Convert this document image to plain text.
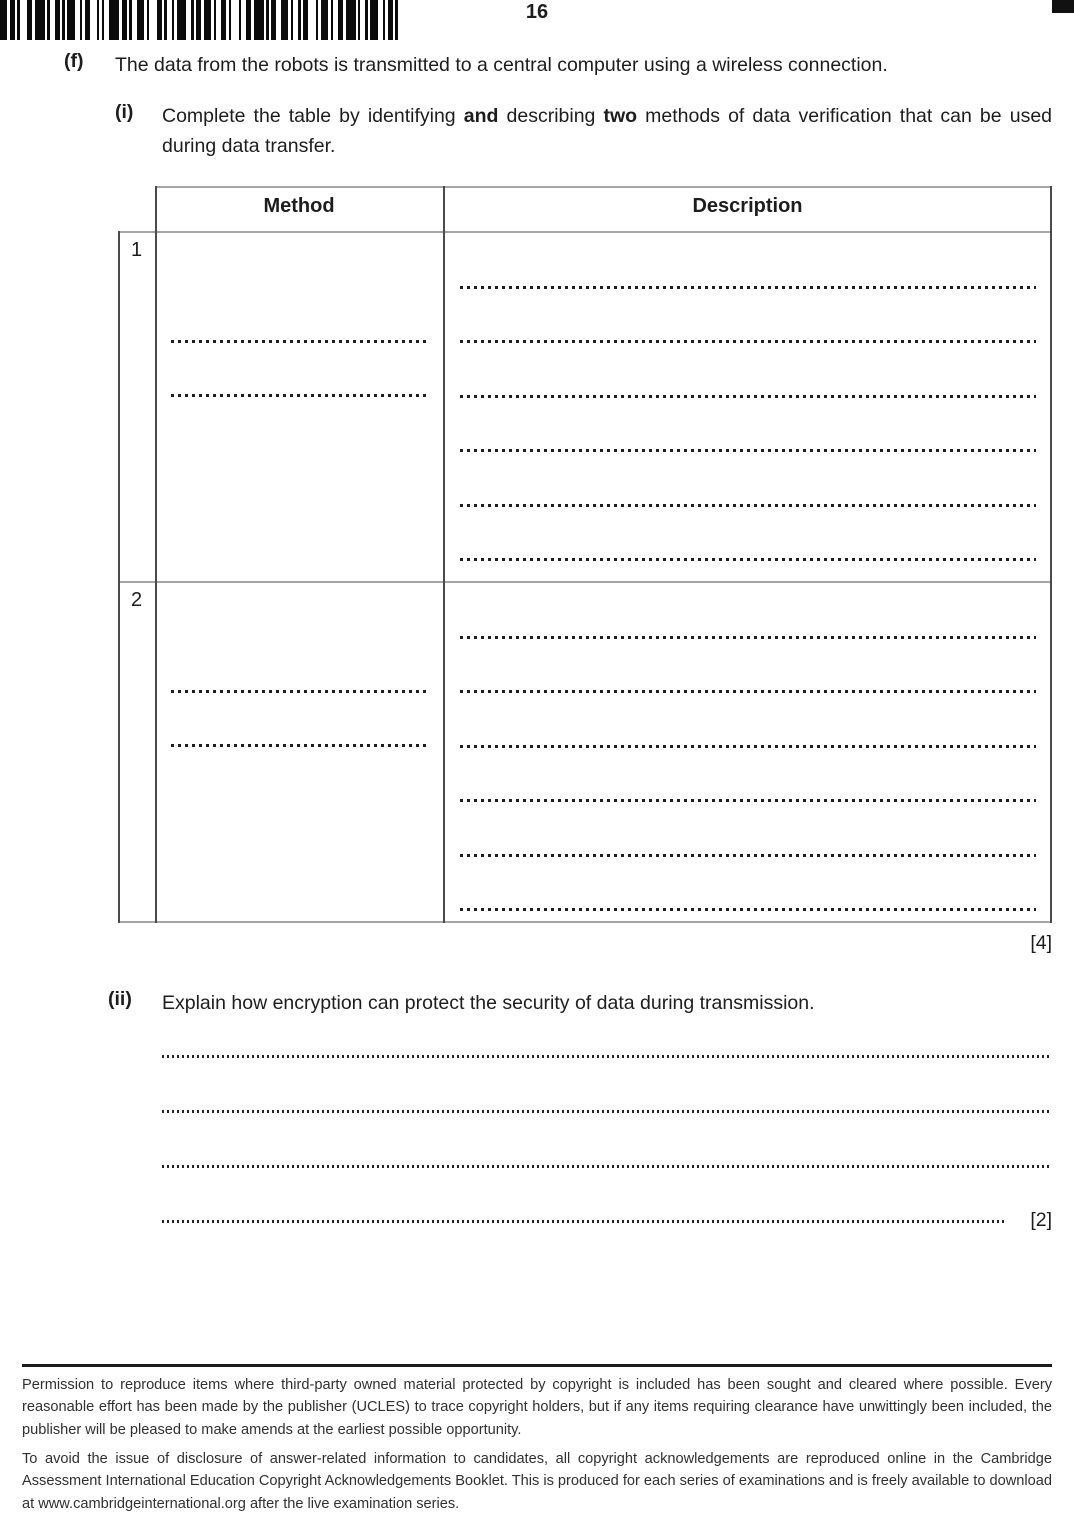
16
(f) The data from the robots is transmitted to a central computer using a wireless connection.
(i) Complete the table by identifying and describing two methods of data verification that can be used during data transfer.
Method	Description
1
2
[4]
(ii) Explain how encryption can protect the security of data during transmission.
[2]
Permission to reproduce items where third-party owned material protected by copyright is included has been sought and cleared where possible. Every reasonable effort has been made by the publisher (UCLES) to trace copyright holders, but if any items requiring clearance have unwittingly been included, the publisher will be pleased to make amends at the earliest possible opportunity.
To avoid the issue of disclosure of answer-related information to candidates, all copyright acknowledgements are reproduced online in the Cambridge Assessment International Education Copyright Acknowledgements Booklet. This is produced for each series of examinations and is freely available to download at www.cambridgeinternational.org after the live examination series.
